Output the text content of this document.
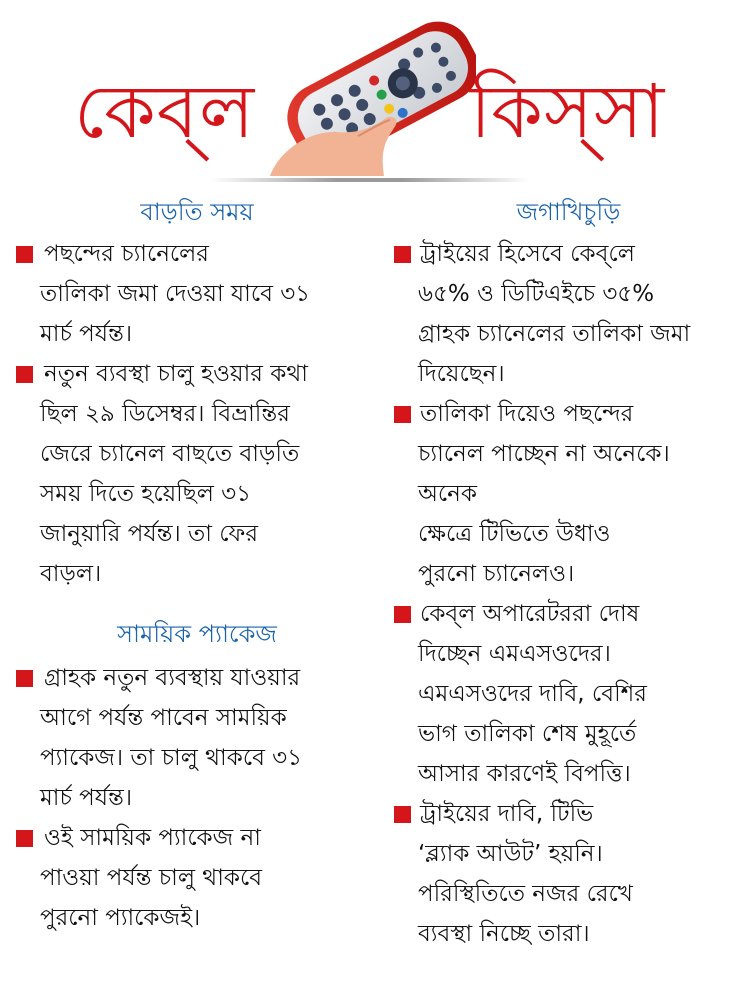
কেব্‌ল	কিস্‌সা
বাড়তি সময়
পছন্দের চ্যানেলের
তালিকা জমা দেওয়া যাবে ৩১
মার্চ পর্যন্ত।
নতুন ব্যবস্থা চালু হওয়ার কথা
ছিল ২৯ ডিসেম্বর। বিভ্রান্তির
জেরে চ্যানেল বাছতে বাড়তি
সময় দিতে হয়েছিল ৩১
জানুয়ারি পর্যন্ত। তা ফের
বাড়ল।
সাময়িক প্যাকেজ
গ্রাহক নতুন ব্যবস্থায় যাওয়ার
আগে পর্যন্ত পাবেন সাময়িক
প্যাকেজ। তা চালু থাকবে ৩১
মার্চ পর্যন্ত।
ওই সাময়িক প্যাকেজ না
পাওয়া পর্যন্ত চালু থাকবে
পুরনো প্যাকেজই।
জগাখিচুড়ি
ট্রাইয়ের হিসেবে কেব্‌লে
৬৫% ও ডিটিএইচে ৩৫%
গ্রাহক চ্যানেলের তালিকা জমা
দিয়েছেন।
তালিকা দিয়েও পছন্দের
চ্যানেল পাচ্ছেন না অনেকে।
অনেক
ক্ষেত্রে টিভিতে উধাও
পুরনো চ্যানেলও।
কেব্‌ল অপারেটররা দোষ
দিচ্ছেন এমএসওদের।
এমএসওদের দাবি, বেশির
ভাগ তালিকা শেষ মুহূর্তে
আসার কারণেই বিপত্তি।
ট্রাইয়ের দাবি, টিভি
‘ব্ল্যাক আউট’ হয়নি।
পরিস্থিতিতে নজর রেখে
ব্যবস্থা নিচ্ছে তারা।
